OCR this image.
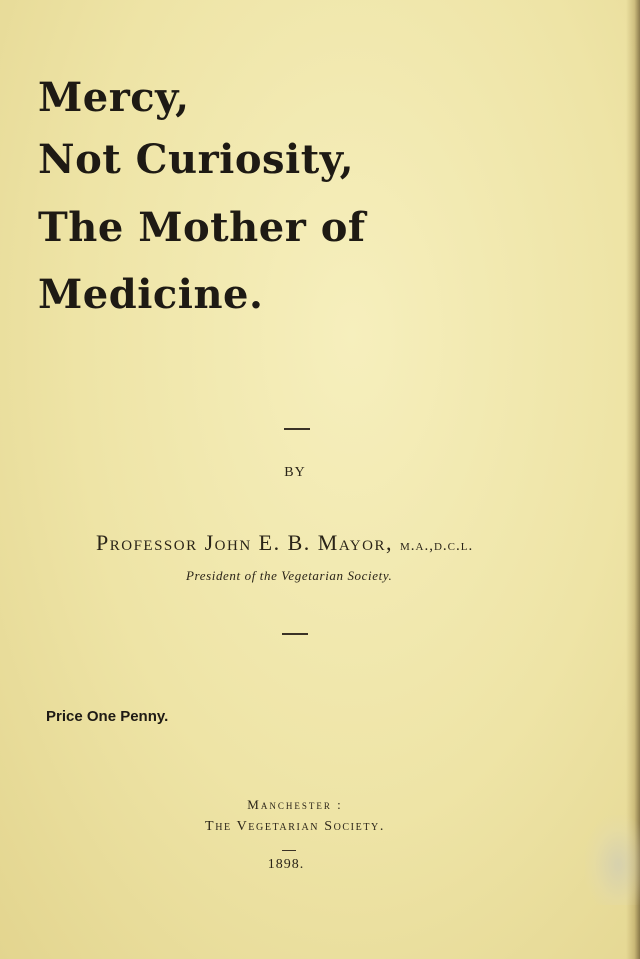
Mercy,
Not Curiosity,
The Mother of
Medicine.
BY
Professor John E. B. Mayor, m.a.,d.c.l.
President of the Vegetarian Society.
Price One Penny.
Manchester :
The Vegetarian Society.
1898.
